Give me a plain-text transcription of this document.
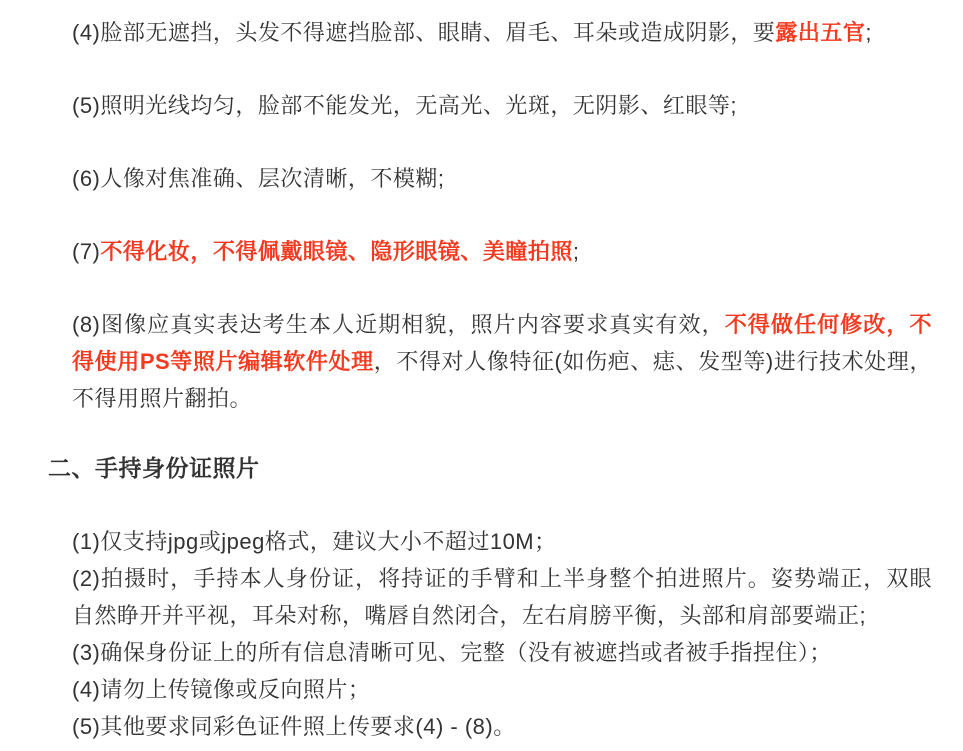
(4)脸部无遮挡，头发不得遮挡脸部、眼睛、眉毛、耳朵或造成阴影，要露出五官;

(5)照明光线均匀，脸部不能发光，无高光、光斑，无阴影、红眼等;

(6)人像对焦准确、层次清晰，不模糊;

(7)不得化妆，不得佩戴眼镜、隐形眼镜、美瞳拍照;

(8)图像应真实表达考生本人近期相貌，照片内容要求真实有效，不得做任何修改，不得使用PS等照片编辑软件处理，不得对人像特征(如伤疤、痣、发型等)进行技术处理，不得用照片翻拍。

二、手持身份证照片

(1)仅支持jpg或jpeg格式，建议大小不超过10M；

(2)拍摄时，手持本人身份证，将持证的手臂和上半身整个拍进照片。姿势端正，双眼自然睁开并平视，耳朵对称，嘴唇自然闭合，左右肩膀平衡，头部和肩部要端正;

(3)确保身份证上的所有信息清晰可见、完整（没有被遮挡或者被手指捏住）；

(4)请勿上传镜像或反向照片；

(5)其他要求同彩色证件照上传要求(4) - (8)。
